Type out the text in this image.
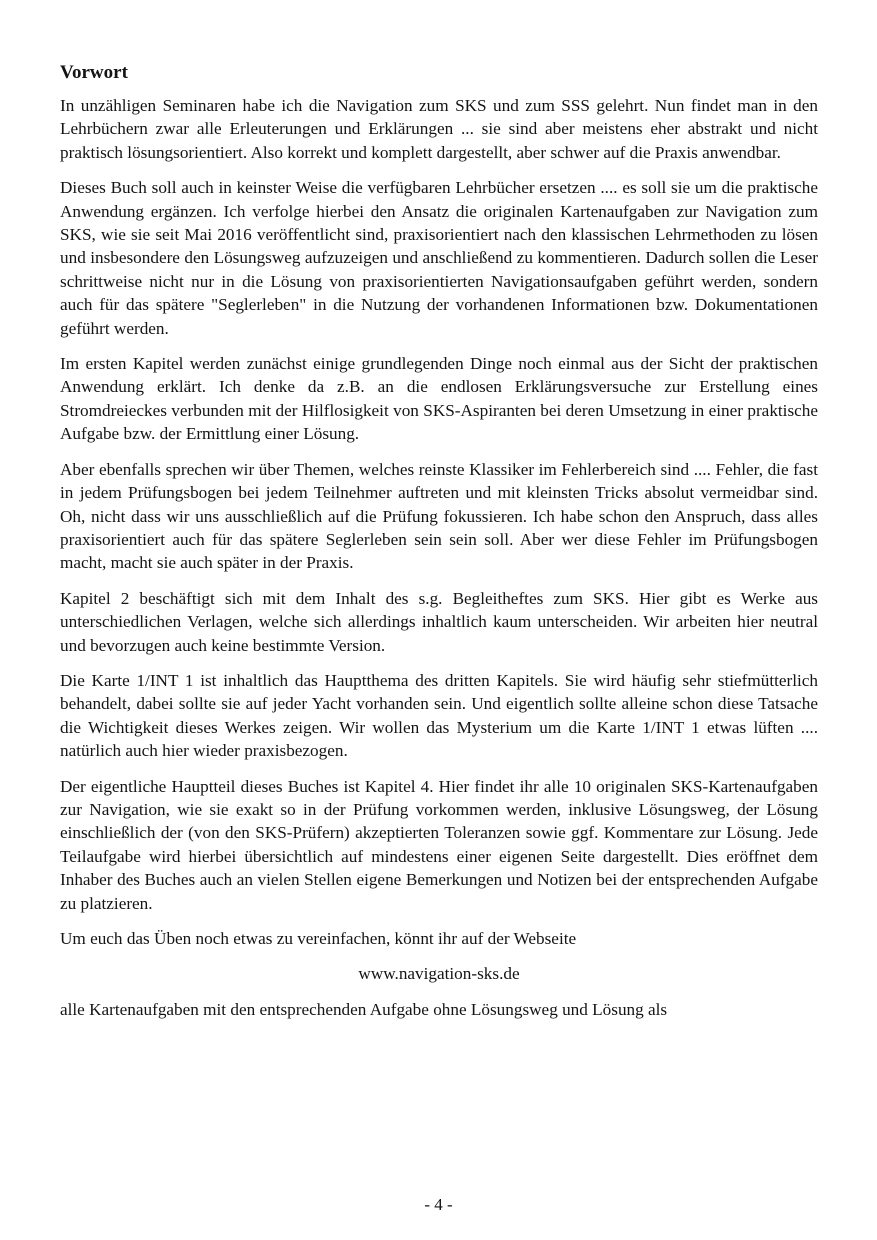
Vorwort

In unzähligen Seminaren habe ich die Navigation zum SKS und zum SSS gelehrt. Nun findet man in den Lehrbüchern zwar alle Erleuterungen und Erklärungen ... sie sind aber meistens eher abstrakt und nicht praktisch lösungsorientiert. Also korrekt und komplett dargestellt, aber schwer auf die Praxis anwendbar.

Dieses Buch soll auch in keinster Weise die verfügbaren Lehrbücher ersetzen .... es soll sie um die praktische Anwendung ergänzen. Ich verfolge hierbei den Ansatz die originalen Kartenaufgaben zur Navigation zum SKS, wie sie seit Mai 2016 veröffentlicht sind, praxisorientiert nach den klassischen Lehrmethoden zu lösen und insbesondere den Lösungsweg aufzuzeigen und anschließend zu kommentieren. Dadurch sollen die Leser schrittweise nicht nur in die Lösung von praxisorientierten Navigationsaufgaben geführt werden, sondern auch für das spätere "Seglerleben" in die Nutzung der vorhandenen Informationen bzw. Dokumentationen geführt werden.

Im ersten Kapitel werden zunächst einige grundlegenden Dinge noch einmal aus der Sicht der praktischen Anwendung erklärt. Ich denke da z.B. an die endlosen Erklärungsversuche zur Erstellung eines Stromdreieckes verbunden mit der Hilflosigkeit von SKS-Aspiranten bei deren Umsetzung in einer praktische Aufgabe bzw. der Ermittlung einer Lösung.

Aber ebenfalls sprechen wir über Themen, welches reinste Klassiker im Fehlerbereich sind .... Fehler, die fast in jedem Prüfungsbogen bei jedem Teilnehmer auftreten und mit kleinsten Tricks absolut vermeidbar sind. Oh, nicht dass wir uns ausschließlich auf die Prüfung fokussieren. Ich habe schon den Anspruch, dass alles praxisorientiert auch für das spätere Seglerleben sein sein soll. Aber wer diese Fehler im Prüfungsbogen macht, macht sie auch später in der Praxis.

Kapitel 2 beschäftigt sich mit dem Inhalt des s.g. Begleitheftes zum SKS. Hier gibt es Werke aus unterschiedlichen Verlagen, welche sich allerdings inhaltlich kaum unterscheiden. Wir arbeiten hier neutral und bevorzugen auch keine bestimmte Version.

Die Karte 1/INT 1 ist inhaltlich das Hauptthema des dritten Kapitels. Sie wird häufig sehr stiefmütterlich behandelt, dabei sollte sie auf jeder Yacht vorhanden sein. Und eigentlich sollte alleine schon diese Tatsache die Wichtigkeit dieses Werkes zeigen. Wir wollen das Mysterium um die Karte 1/INT 1 etwas lüften .... natürlich auch hier wieder praxisbezogen.

Der eigentliche Hauptteil dieses Buches ist Kapitel 4. Hier findet ihr alle 10 originalen SKS-Kartenaufgaben zur Navigation, wie sie exakt so in der Prüfung vorkommen werden, inklusive Lösungsweg, der Lösung einschließlich der (von den SKS-Prüfern) akzeptierten Toleranzen sowie ggf. Kommentare zur Lösung. Jede Teilaufgabe wird hierbei übersichtlich auf mindestens einer eigenen Seite dargestellt. Dies eröffnet dem Inhaber des Buches auch an vielen Stellen eigene Bemerkungen und Notizen bei der entsprechenden Aufgabe zu platzieren.

Um euch das Üben noch etwas zu vereinfachen, könnt ihr auf der Webseite

www.navigation-sks.de

alle Kartenaufgaben mit den entsprechenden Aufgabe ohne Lösungsweg und Lösung als

- 4 -
